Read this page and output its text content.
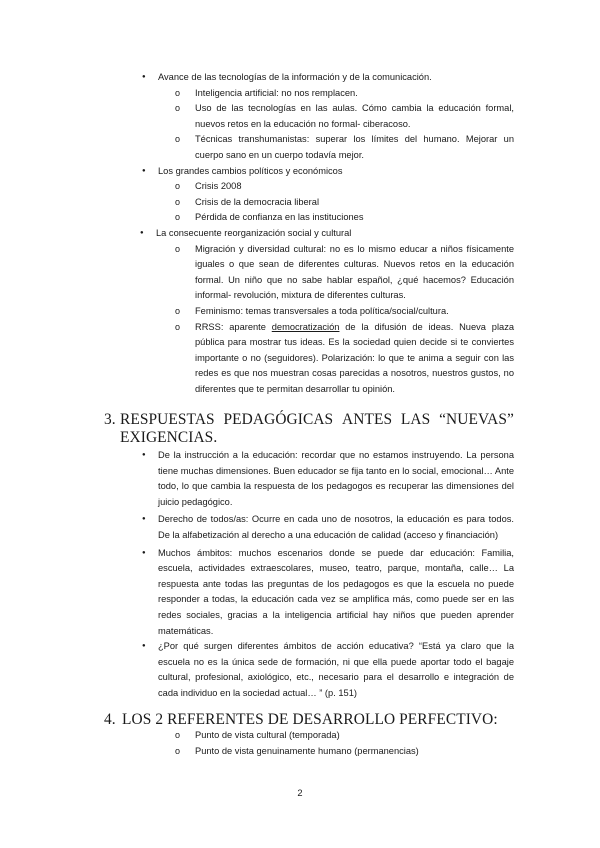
● Avance de las tecnologías de la información y de la comunicación.
o Inteligencia artificial: no nos remplacen.
o Uso de las tecnologías en las aulas. Cómo cambia la educación formal, nuevos retos en la educación no formal- ciberacoso.
o Técnicas transhumanistas: superar los límites del humano. Mejorar un cuerpo sano en un cuerpo todavía mejor.
● Los grandes cambios políticos y económicos
o Crisis 2008
o Crisis de la democracia liberal
o Pérdida de confianza en las instituciones
● La consecuente reorganización social y cultural
o Migración y diversidad cultural: no es lo mismo educar a niños físicamente iguales o que sean de diferentes culturas. Nuevos retos en la educación formal. Un niño que no sabe hablar español, ¿qué hacemos? Educación informal- revolución, mixtura de diferentes culturas.
o Feminismo: temas transversales a toda política/social/cultura.
o RRSS: aparente democratización de la difusión de ideas. Nueva plaza pública para mostrar tus ideas. Es la sociedad quien decide si te conviertes importante o no (seguidores). Polarización: lo que te anima a seguir con las redes es que nos muestran cosas parecidas a nosotros, nuestros gustos, no diferentes que te permitan desarrollar tu opinión.
3. RESPUESTAS PEDAGÓGICAS ANTES LAS “NUEVAS”
EXIGENCIAS.
● De la instrucción a la educación: recordar que no estamos instruyendo. La persona tiene muchas dimensiones. Buen educador se fija tanto en lo social, emocional… Ante todo, lo que cambia la respuesta de los pedagogos es recuperar las dimensiones del juicio pedagógico.
● Derecho de todos/as: Ocurre en cada uno de nosotros, la educación es para todos. De la alfabetización al derecho a una educación de calidad (acceso y financiación)
● Muchos ámbitos: muchos escenarios donde se puede dar educación: Familia, escuela, actividades extraescolares, museo, teatro, parque, montaña, calle… La respuesta ante todas las preguntas de los pedagogos es que la escuela no puede responder a todas, la educación cada vez se amplifica más, como puede ser en las redes sociales, gracias a la inteligencia artificial hay niños que pueden aprender matemáticas.
● ¿Por qué surgen diferentes ámbitos de acción educativa? “Está ya claro que la escuela no es la única sede de formación, ni que ella puede aportar todo el bagaje cultural, profesional, axiológico, etc., necesario para el desarrollo e integración de cada individuo en la sociedad actual… ” (p. 151)
4. LOS 2 REFERENTES DE DESARROLLO PERFECTIVO:
o Punto de vista cultural (temporada)
o Punto de vista genuinamente humano (permanencias)
2
